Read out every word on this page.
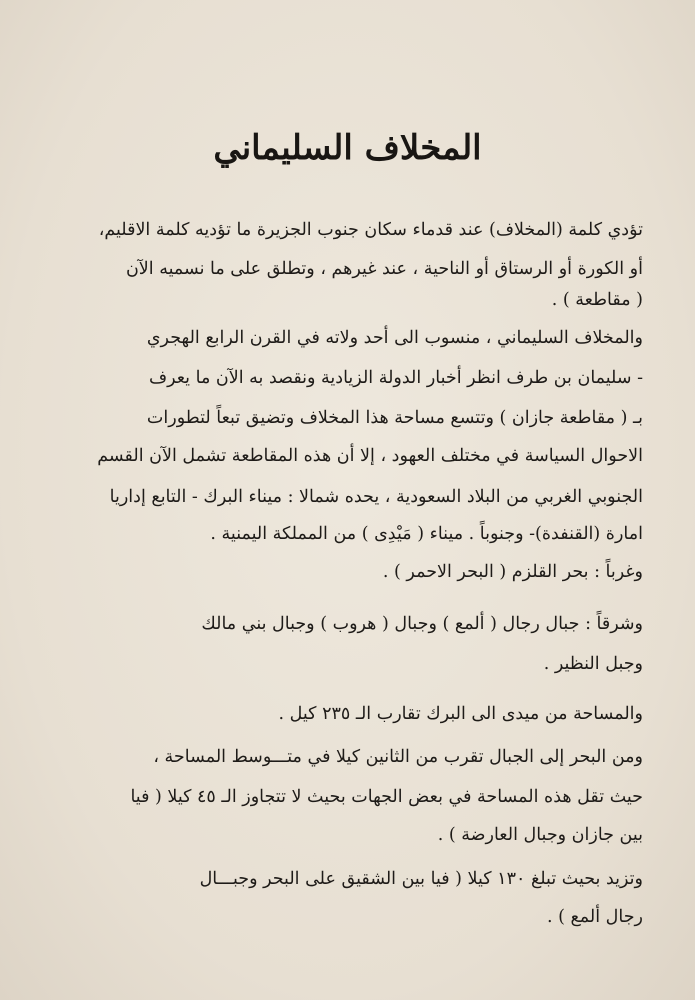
المخلاف السليماني
تؤدي كلمة (المخلاف) عند قدماء سكان جنوب الجزيرة ما تؤديه كلمة الاقليم،
أو الكورة أو الرستاق أو الناحية ، عند غيرهم ، وتطلق على ما نسميه الآن
( مقاطعة ) .
والمخلاف السليماني ، منسوب الى أحد ولاته في القرن الرابع الهجري
- سليمان بن طرف انظر أخبار الدولة الزيادية ونقصد به الآن ما يعرف
بـ ( مقاطعة جازان ) وتتسع مساحة هذا المخلاف وتضيق تبعاً لتطورات
الاحوال السياسة في مختلف العهود ، إلا أن هذه المقاطعة تشمل الآن القسم
الجنوبي الغربي من البلاد السعودية ، يحده شمالا : ميناء البرك - التابع إداريا
امارة (القنفدة)- وجنوباً . ميناء ( مَيْدِى ) من المملكة اليمنية .
وغرباً : بحر القلزم ( البحر الاحمر ) .
وشرقاً : جبال رجال ( ألمع ) وجبال ( هروب ) وجبال بني مالك
وجبل النظير .
والمساحة من ميدى الى البرك تقارب الـ ٢٣٥ كيل .
ومن البحر إلى الجبال تقرب من الثانين كيلا في متـــوسط المساحة ،
حيث تقل هذه المساحة في بعض الجهات بحيث لا تتجاوز الـ ٤٥ كيلا ( فيا
بين جازان وجبال العارضة ) .
وتزيد بحيث تبلغ ١٣٠ كيلا ( فيا بين الشقيق على البحر وجبـــال
رجال ألمع ) .
